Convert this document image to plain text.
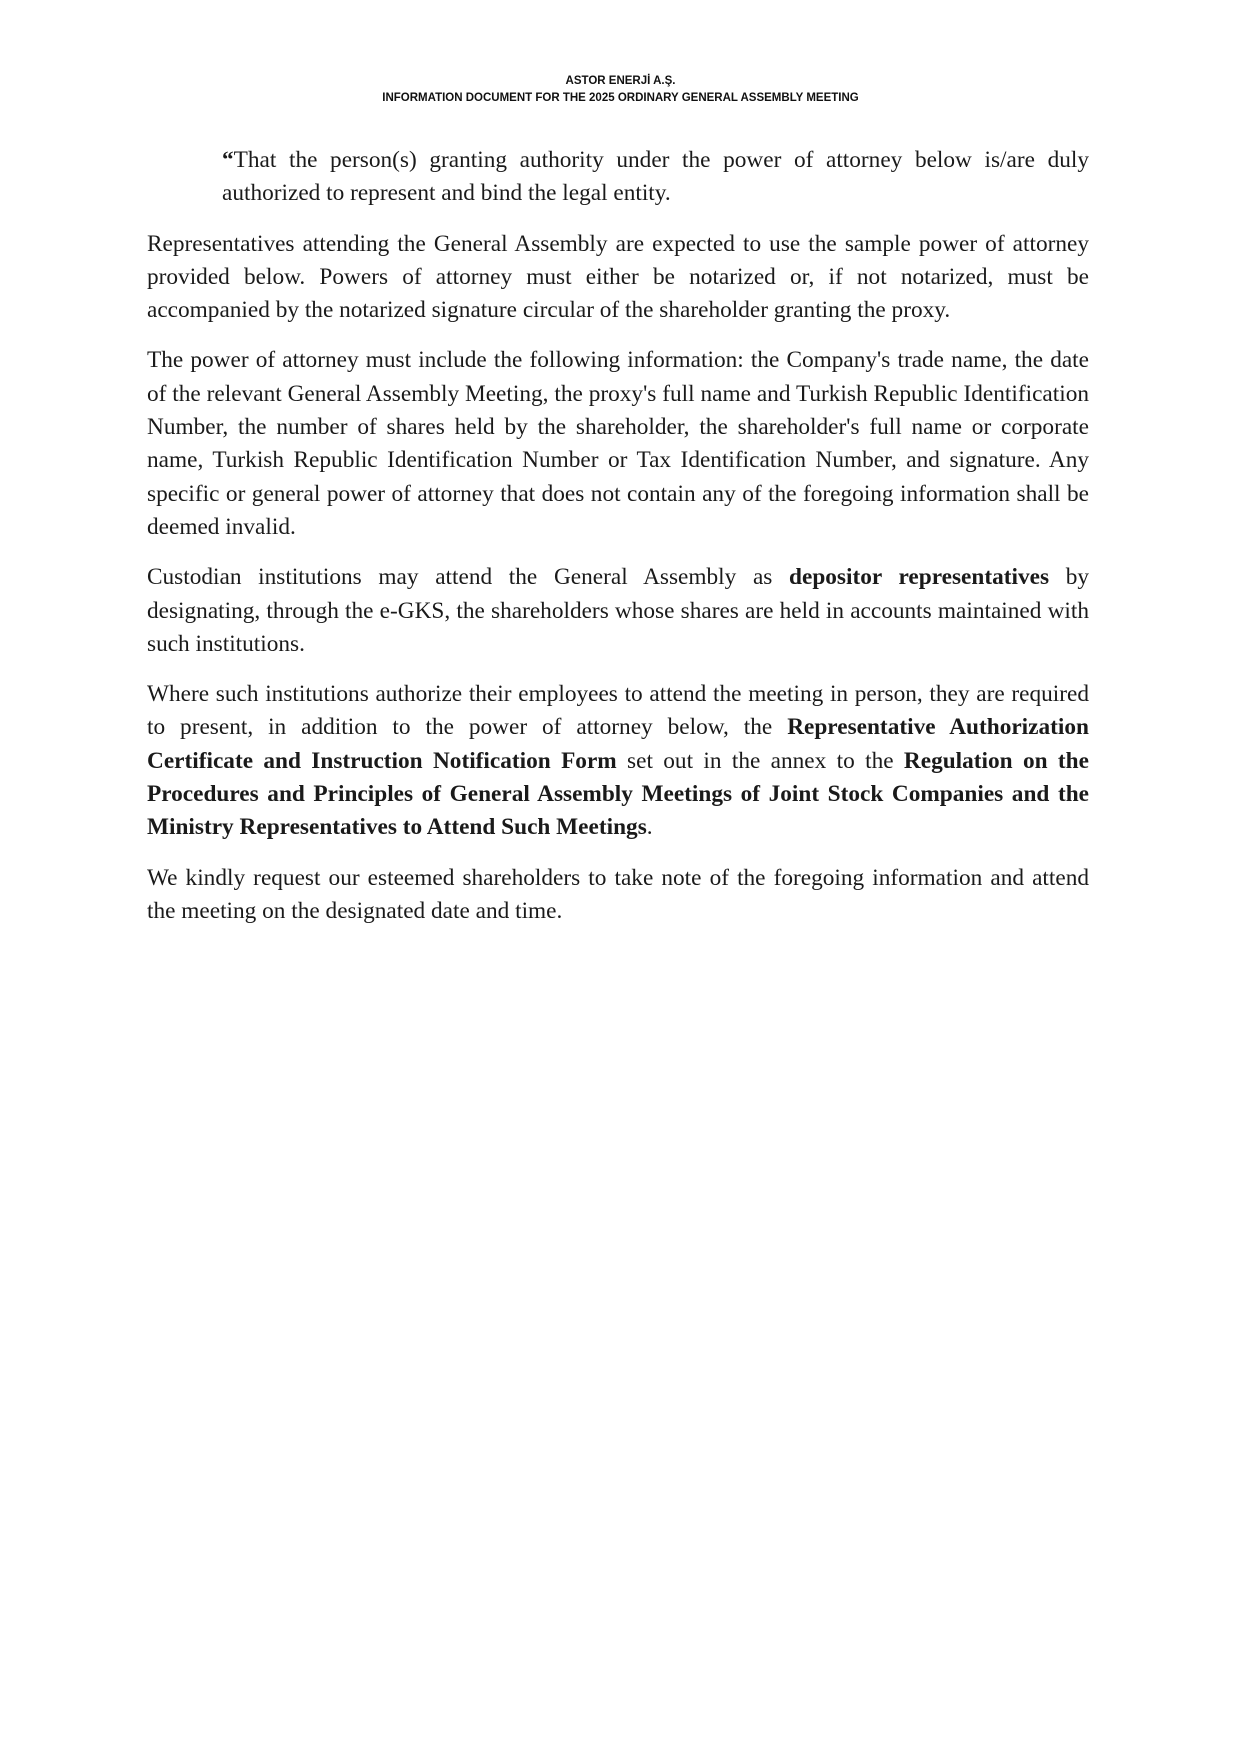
ASTOR ENERJİ A.Ş.
INFORMATION DOCUMENT FOR THE 2025 ORDINARY GENERAL ASSEMBLY MEETING

“That the person(s) granting authority under the power of attorney below is/are duly authorized to represent and bind the legal entity.

Representatives attending the General Assembly are expected to use the sample power of attorney provided below. Powers of attorney must either be notarized or, if not notarized, must be accompanied by the notarized signature circular of the shareholder granting the proxy.

The power of attorney must include the following information: the Company's trade name, the date of the relevant General Assembly Meeting, the proxy's full name and Turkish Republic Identification Number, the number of shares held by the shareholder, the shareholder's full name or corporate name, Turkish Republic Identification Number or Tax Identification Number, and signature. Any specific or general power of attorney that does not contain any of the foregoing information shall be deemed invalid.

Custodian institutions may attend the General Assembly as depositor representatives by designating, through the e-GKS, the shareholders whose shares are held in accounts maintained with such institutions.

Where such institutions authorize their employees to attend the meeting in person, they are required to present, in addition to the power of attorney below, the Representative Authorization Certificate and Instruction Notification Form set out in the annex to the Regulation on the Procedures and Principles of General Assembly Meetings of Joint Stock Companies and the Ministry Representatives to Attend Such Meetings.

We kindly request our esteemed shareholders to take note of the foregoing information and attend the meeting on the designated date and time.
